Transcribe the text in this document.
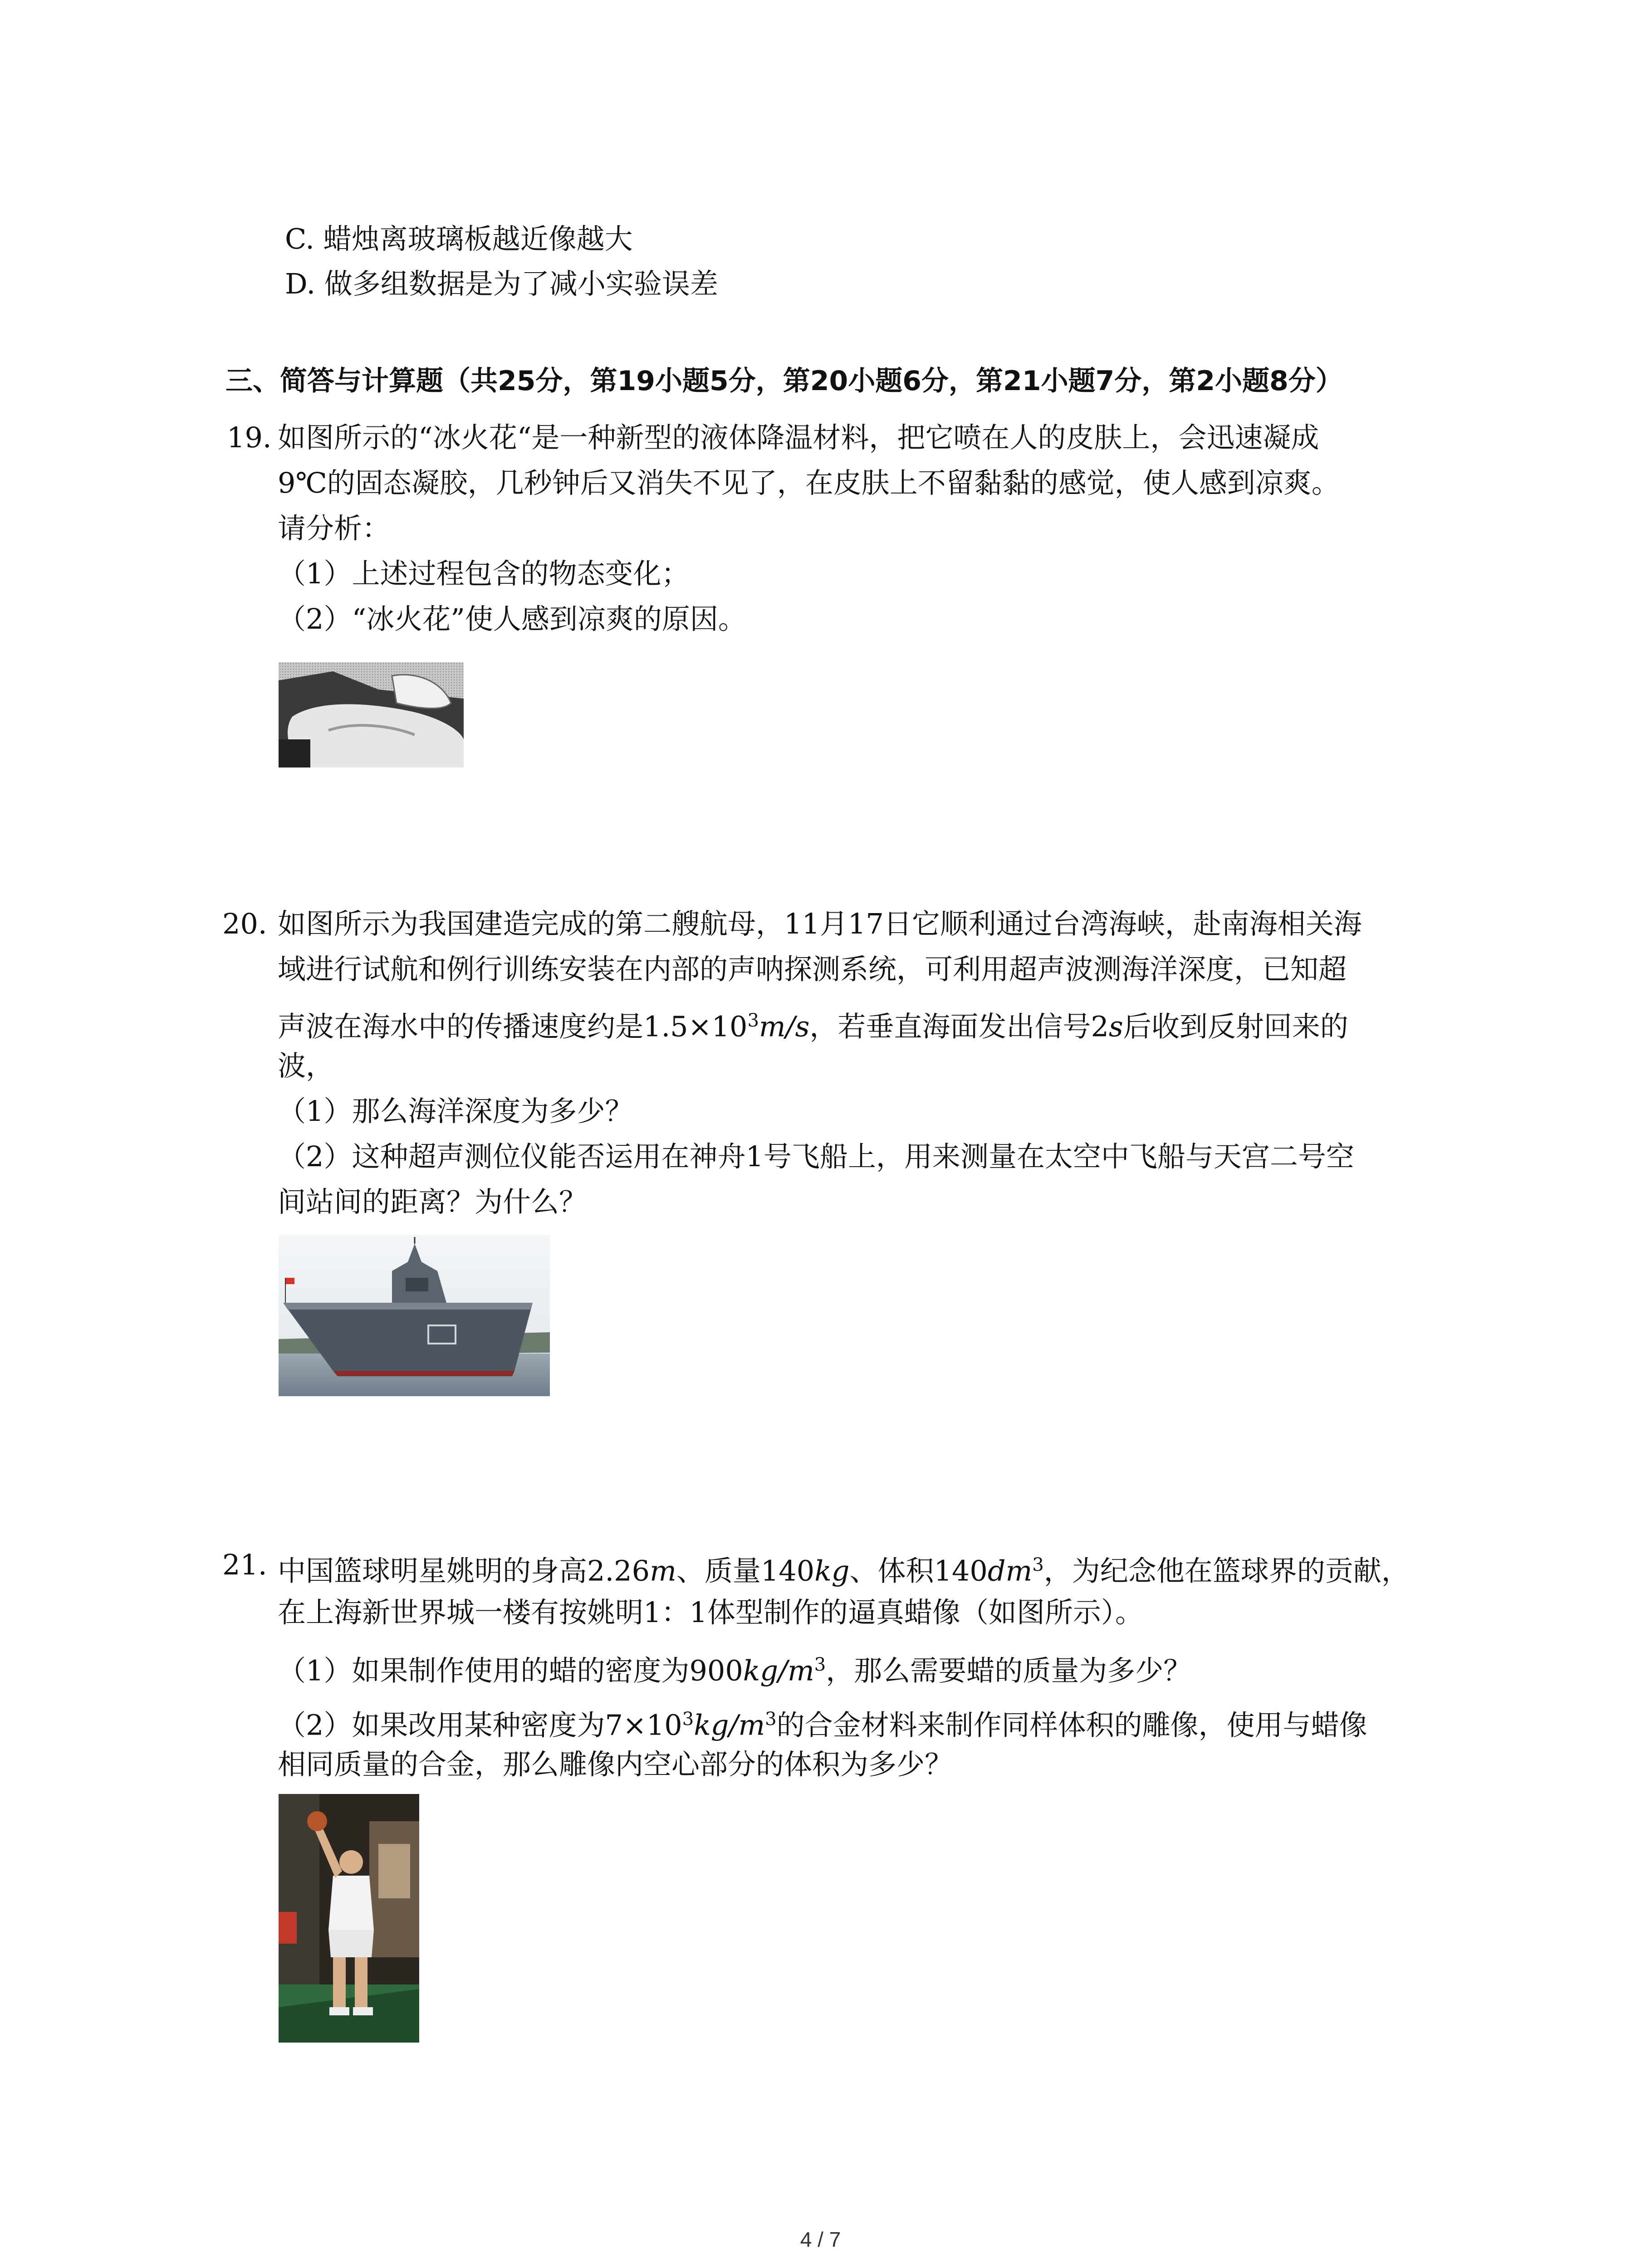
C. 蜡烛离玻璃板越近像越大
D. 做多组数据是为了减小实验误差
三、简答与计算题（共25分，第19小题5分，第20小题6分，第21小题7分，第2小题8分）
19. 如图所示的“冰火花“是一种新型的液体降温材料，把它喷在人的皮肤上，会迅速凝成
9℃的固态凝胶，几秒钟后又消失不见了，在皮肤上不留黏黏的感觉，使人感到凉爽。
请分析：
（1）上述过程包含的物态变化；
（2）“冰火花”使人感到凉爽的原因。
20. 如图所示为我国建造完成的第二艘航母，11月17日它顺利通过台湾海峡，赴南海相关海
域进行试航和例行训练安装在内部的声呐探测系统，可利用超声波测海洋深度，已知超
声波在海水中的传播速度约是$1.5\times 10^3m/s$，若垂直海面发出信号2s后收到反射回来的
波，
（1）那么海洋深度为多少？
（2）这种超声测位仪能否运用在神舟1号飞船上，用来测量在太空中飞船与天宫二号空
间站间的距离？为什么？
21. 中国篮球明星姚明的身高2.26m、质量140kg、体积$140dm^3$，为纪念他在篮球界的贡献，
在上海新世界城一楼有按姚明1：1体型制作的逼真蜡像（如图所示）。
（1）如果制作使用的蜡的密度为$900kg/m^3$，那么需要蜡的质量为多少？
（2）如果改用某种密度为$7\times 10^3kg/m^3$的合金材料来制作同样体积的雕像，使用与蜡像
相同质量的合金，那么雕像内空心部分的体积为多少？
4 / 7
